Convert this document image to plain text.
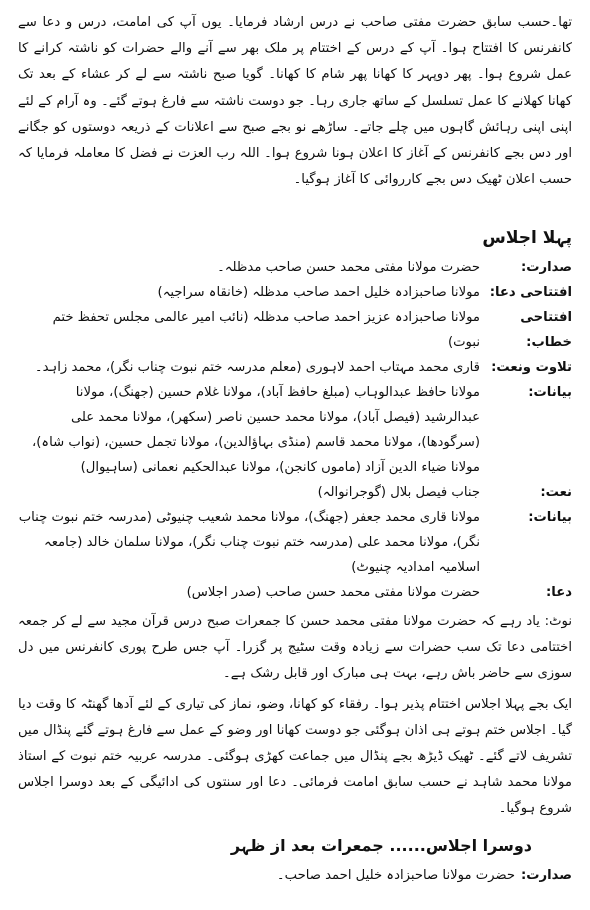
تھا۔حسب سابق حضرت مفتی صاحب نے درس ارشاد فرمایا۔ یوں آپ کی امامت، درس و دعا سے کانفرنس کا افتتاح ہوا۔ آپ کے درس کے اختتام پر ملک بھر سے آنے والے حضرات کو ناشتہ کرانے کا عمل شروع ہوا۔ پھر دوپہر کا کھانا پھر شام کا کھانا۔ گویا صبح ناشتہ سے لے کر عشاء کے بعد تک کھانا کھلانے کا عمل تسلسل کے ساتھ جاری رہا۔ جو دوست ناشتہ سے فارغ ہوتے گئے۔ وہ آرام کے لئے اپنی اپنی رہائش گاہوں میں چلے جاتے۔ ساڑھے نو بجے صبح سے اعلانات کے ذریعہ دوستوں کو جگانے اور دس بجے کانفرنس کے آغاز کا اعلان ہونا شروع ہوا۔ اللہ رب العزت نے فضل کا معاملہ فرمایا کہ حسب اعلان ٹھیک دس بجے کارروائی کا آغاز ہوگیا۔

پہلا اجلاس
صدارت:
حضرت مولانا مفتی محمد حسن صاحب مدظلہ۔
افتتاحی دعا:
مولانا صاحبزادہ خلیل احمد صاحب مدظلہ (خانقاہ سراجیہ)
افتتاحی خطاب:
مولانا صاحبزادہ عزیز احمد صاحب مدظلہ (نائب امیر عالمی مجلس تحفظ ختم نبوت)
تلاوت ونعت:
قاری محمد مہتاب احمد لاہوری (معلم مدرسہ ختم نبوت چناب نگر)، محمد زاہد۔
بیانات:
مولانا حافظ عبدالوہاب (مبلغ حافظ آباد)، مولانا غلام حسین (جھنگ)، مولانا عبدالرشید (فیصل آباد)، مولانا محمد حسین ناصر (سکھر)، مولانا محمد علی (سرگودھا)، مولانا محمد قاسم (منڈی بہاؤالدین)، مولانا تجمل حسین، (نواب شاہ)، مولانا ضیاء الدین آزاد (ماموں کانجن)، مولانا عبدالحکیم نعمانی (ساہیوال)
نعت:
جناب فیصل بلال (گوجرانوالہ)
بیانات:
مولانا قاری محمد جعفر (جھنگ)، مولانا محمد شعیب چنیوٹی (مدرسہ ختم نبوت چناب نگر)، مولانا محمد علی (مدرسہ ختم نبوت چناب نگر)، مولانا سلمان خالد (جامعہ اسلامیہ امدادیہ چنیوٹ)
دعا:
حضرت مولانا مفتی محمد حسن صاحب (صدر اجلاس)

نوٹ: یاد رہے کہ حضرت مولانا مفتی محمد حسن کا جمعرات صبح درس قرآن مجید سے لے کر جمعہ اختتامی دعا تک سب حضرات سے زیادہ وقت سٹیج پر گزرا۔ آپ جس طرح پوری کانفرنس میں دل سوزی سے حاضر باش رہے، بہت ہی مبارک اور قابل رشک ہے۔

ایک بجے پہلا اجلاس اختتام پذیر ہوا۔ رفقاء کو کھانا، وضو، نماز کی تیاری کے لئے آدھا گھنٹہ کا وقت دیا گیا۔ اجلاس ختم ہوتے ہی اذان ہوگئی جو دوست کھانا اور وضو کے عمل سے فارغ ہوتے گئے پنڈال میں تشریف لاتے گئے۔ ٹھیک ڈیڑھ بجے پنڈال میں جماعت کھڑی ہوگئی۔ مدرسہ عربیہ ختم نبوت کے استاذ مولانا محمد شاہد نے حسب سابق امامت فرمائی۔ دعا اور سنتوں کی ادائیگی کے بعد دوسرا اجلاس شروع ہوگیا۔

دوسرا اجلاس...... جمعرات بعد از ظہر
صدارت:
حضرت مولانا صاحبزادہ خلیل احمد صاحب۔
